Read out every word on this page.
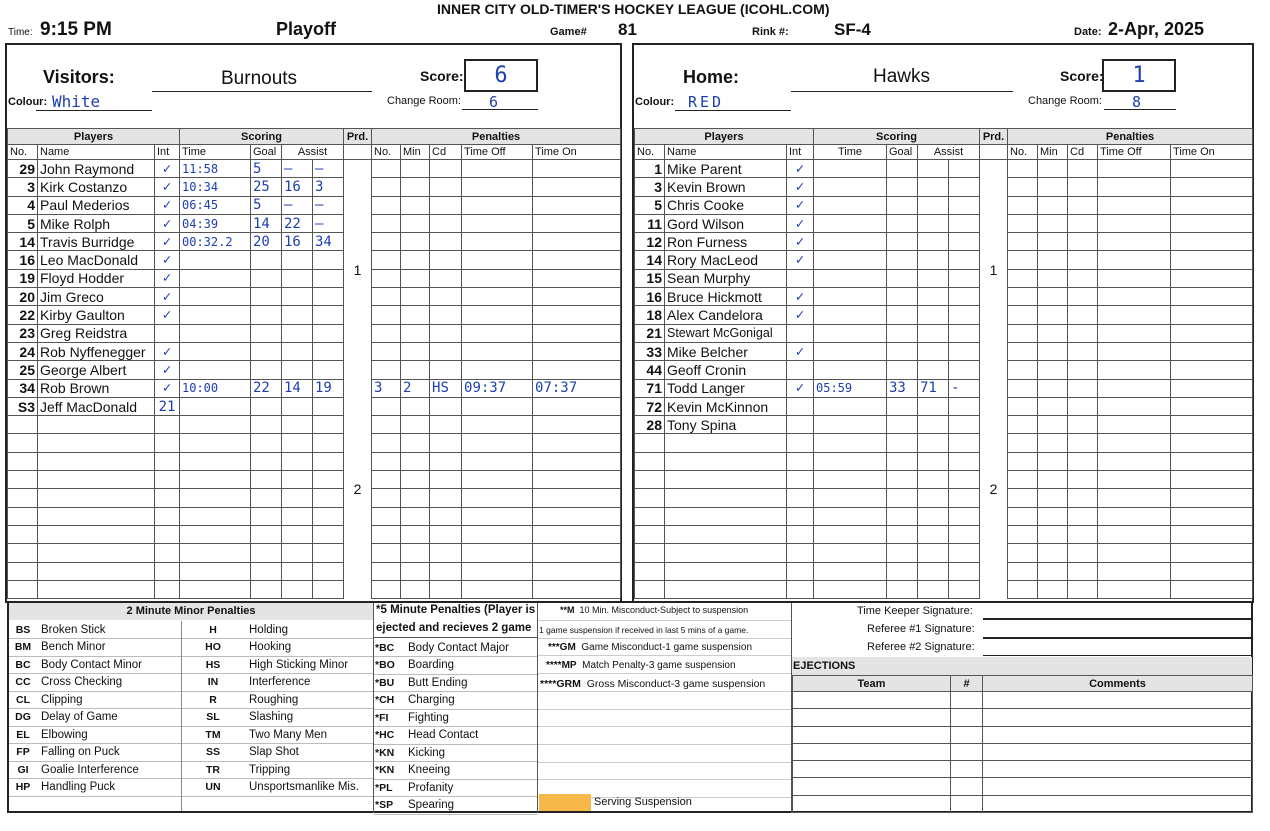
Time: 9:15 PM	Playoff
INNER CITY OLD-TIMER'S HOCKEY LEAGUE (ICOHL.COM)
Game# 81	Rink #:	SF-4	Date: 2-Apr, 2025
Visitors:	Burnouts	Score:	6
Colour: White	Change Room: 6
Players			Scoring				Prd.	Penalties				
No.	Name	Int	Time	Goal	Assist			No.	Min	Cd	Time Off	Time On
29	John Raymond	✓	11:58	5	—	—	1					
3	Kirk Costanzo	✓	10:34	25	16	3						
4	Paul Mederios	✓	06:45	5	—	—						
5	Mike Rolph	✓	04:39	14	22	—						
14	Travis Burridge	✓	00:32.2	20	16	34						
16	Leo MacDonald	✓										
19	Floyd Hodder	✓										
20	Jim Greco	✓										
22	Kirby Gaulton	✓										
23	Greg Reidstra											
24	Rob Nyffenegger	✓										
25	George Albert	✓										
34	Rob Brown	✓	10:00	22	14	19	2	3	2	HS	09:37	07:37
S3	Jeff MacDonald	21										

Home:	Hawks	Score:	1
Colour: RED	Change Room: 8
Players			Scoring				Prd.	Penalties				
No.	Name	Int	Time	Goal	Assist			No.	Min	Cd	Time Off	Time On
1	Mike Parent	✓					1					
3	Kevin Brown	✓										
5	Chris Cooke	✓										
11	Gord Wilson	✓										
12	Ron Furness	✓										
14	Rory MacLeod	✓										
15	Sean Murphy											
16	Bruce Hickmott	✓										
18	Alex Candelora	✓										
21	Stewart McGonigal											
33	Mike Belcher	✓										
44	Geoff Cronin											
71	Todd Langer	✓	05:59	33	71	-	2					
72	Kevin McKinnon											
28	Tony Spina											

2 Minute Minor Penalties
BS	Broken Stick	H	Holding
BM	Bench Minor	HO	Hooking
BC	Body Contact Minor	HS	High Sticking Minor
CC	Cross Checking	IN	Interference
CL	Clipping	R	Roughing
DG	Delay of Game	SL	Slashing
EL	Elbowing	TM	Two Many Men
FP	Falling on Puck	SS	Slap Shot
GI	Goalie Interference	TR	Tripping
HP	Handling Puck	UN	Unsportsmanlike Mis.
*5 Minute Penalties (Player is
ejected and recieves 2 game
*BC	Body Contact Major
*BO	Boarding
*BU	Butt Ending
*CH	Charging
*FI	Fighting
*HC	Head Contact
*KN	Kicking
*KN	Kneeing
*PL	Profanity
*SP	Spearing
**M 10 Min. Misconduct-Subject to suspension
1 game suspension if received in last 5 mins of a game.
***GM Game Misconduct-1 game suspension
****MP Match Penalty-3 game suspension
****GRM Gross Misconduct-3 game suspension
Serving Suspension
Time Keeper Signature:
Referee #1 Signature:
Referee #2 Signature:
EJECTIONS
Team	#	Comments
